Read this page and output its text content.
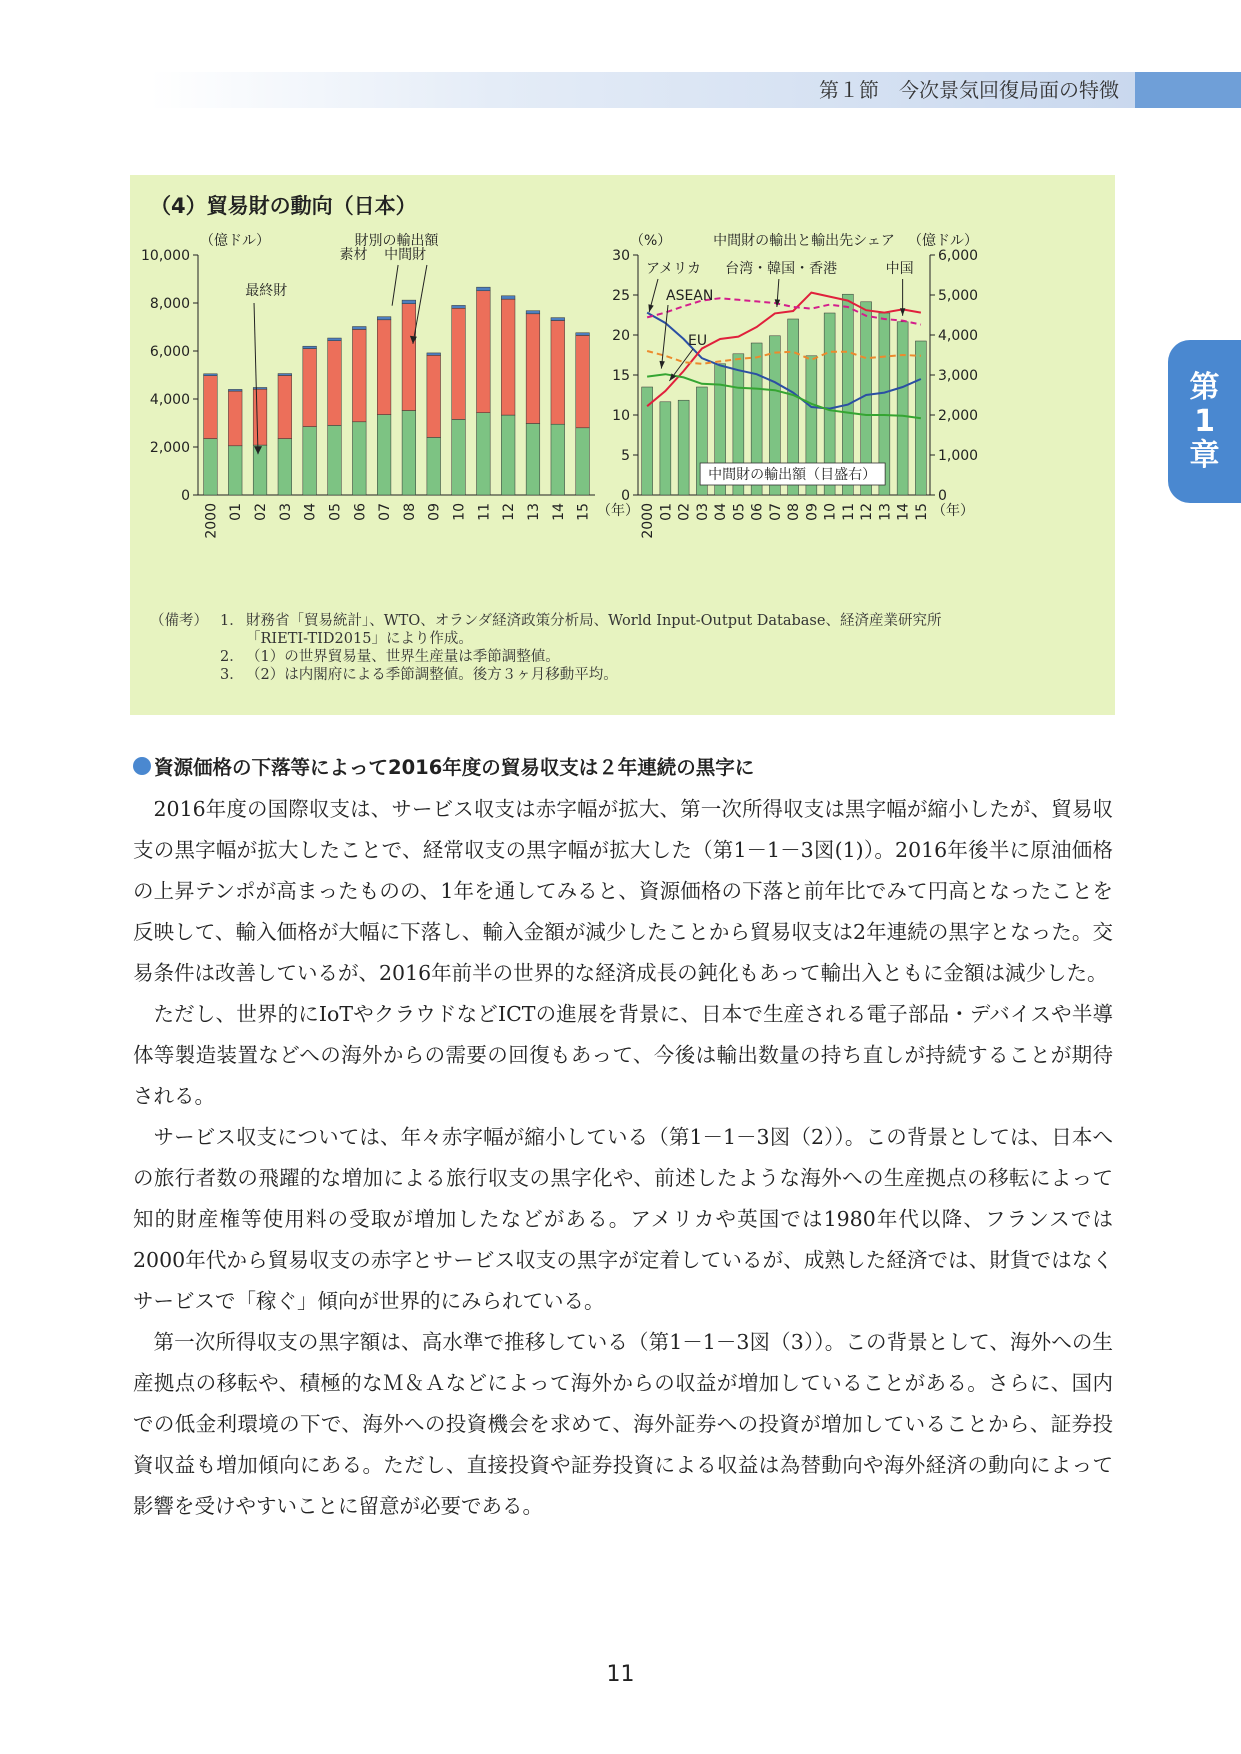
第１節　今次景気回復局面の特徴
第
1
章
（4）貿易財の動向（日本）
財別の輸出額
（億ドル）
0
2,000
4,000
6,000
8,000
10,000
2000 01 02 03 04 05 06 07 08 09 10 11 12 13 14 15 （年）
素材 中間財
最終財
中間財の輸出と輸出先シェア
（%）	（億ドル）
0
5
10
15
20
25
30
0
1,000
2,000
3,000
4,000
5,000
6,000
2000 01 02 03 04 05 06 07 08 09 10 11 12 13 14 15 （年）
アメリカ 台湾・韓国・香港	中国
ASEAN
EU
中間財の輸出額（目盛右）
（備考） 1． 財務省「貿易統計」、WTO、オランダ経済政策分析局、World Input-Output Database、経済産業研究所
「RIETI-TID2015」により作成。
2． （1）の世界貿易量、世界生産量は季節調整値。
3． （2）は内閣府による季節調整値。後方３ヶ月移動平均。
資源価格の下落等によって2016年度の貿易収支は２年連続の黒字に

2016年度の国際収支は、サービス収支は赤字幅が拡大、第一次所得収支は黒字幅が縮小したが、貿易収支の黒字幅が拡大したことで、経常収支の黒字幅が拡大した（第1－1－3図(1)）。2016年後半に原油価格の上昇テンポが高まったものの、1年を通してみると、資源価格の下落と前年比でみて円高となったことを反映して、輸入価格が大幅に下落し、輸入金額が減少したことから貿易収支は2年連続の黒字となった。交易条件は改善しているが、2016年前半の世界的な経済成長の鈍化もあって輸出入ともに金額は減少した。

ただし、世界的にIoTやクラウドなどICTの進展を背景に、日本で生産される電子部品・デバイスや半導体等製造装置などへの海外からの需要の回復もあって、今後は輸出数量の持ち直しが持続することが期待される。

サービス収支については、年々赤字幅が縮小している（第1－1－3図（2））。この背景としては、日本への旅行者数の飛躍的な増加による旅行収支の黒字化や、前述したような海外への生産拠点の移転によって知的財産権等使用料の受取が増加したなどがある。アメリカや英国では1980年代以降、フランスでは2000年代から貿易収支の赤字とサービス収支の黒字が定着しているが、成熟した経済では、財貨ではなくサービスで「稼ぐ」傾向が世界的にみられている。

第一次所得収支の黒字額は、高水準で推移している（第1－1－3図（3））。この背景として、海外への生産拠点の移転や、積極的なＭ＆Ａなどによって海外からの収益が増加していることがある。さらに、国内での低金利環境の下で、海外への投資機会を求めて、海外証券への投資が増加していることから、証券投資収益も増加傾向にある。ただし、直接投資や証券投資による収益は為替動向や海外経済の動向によって影響を受けやすいことに留意が必要である。

11
